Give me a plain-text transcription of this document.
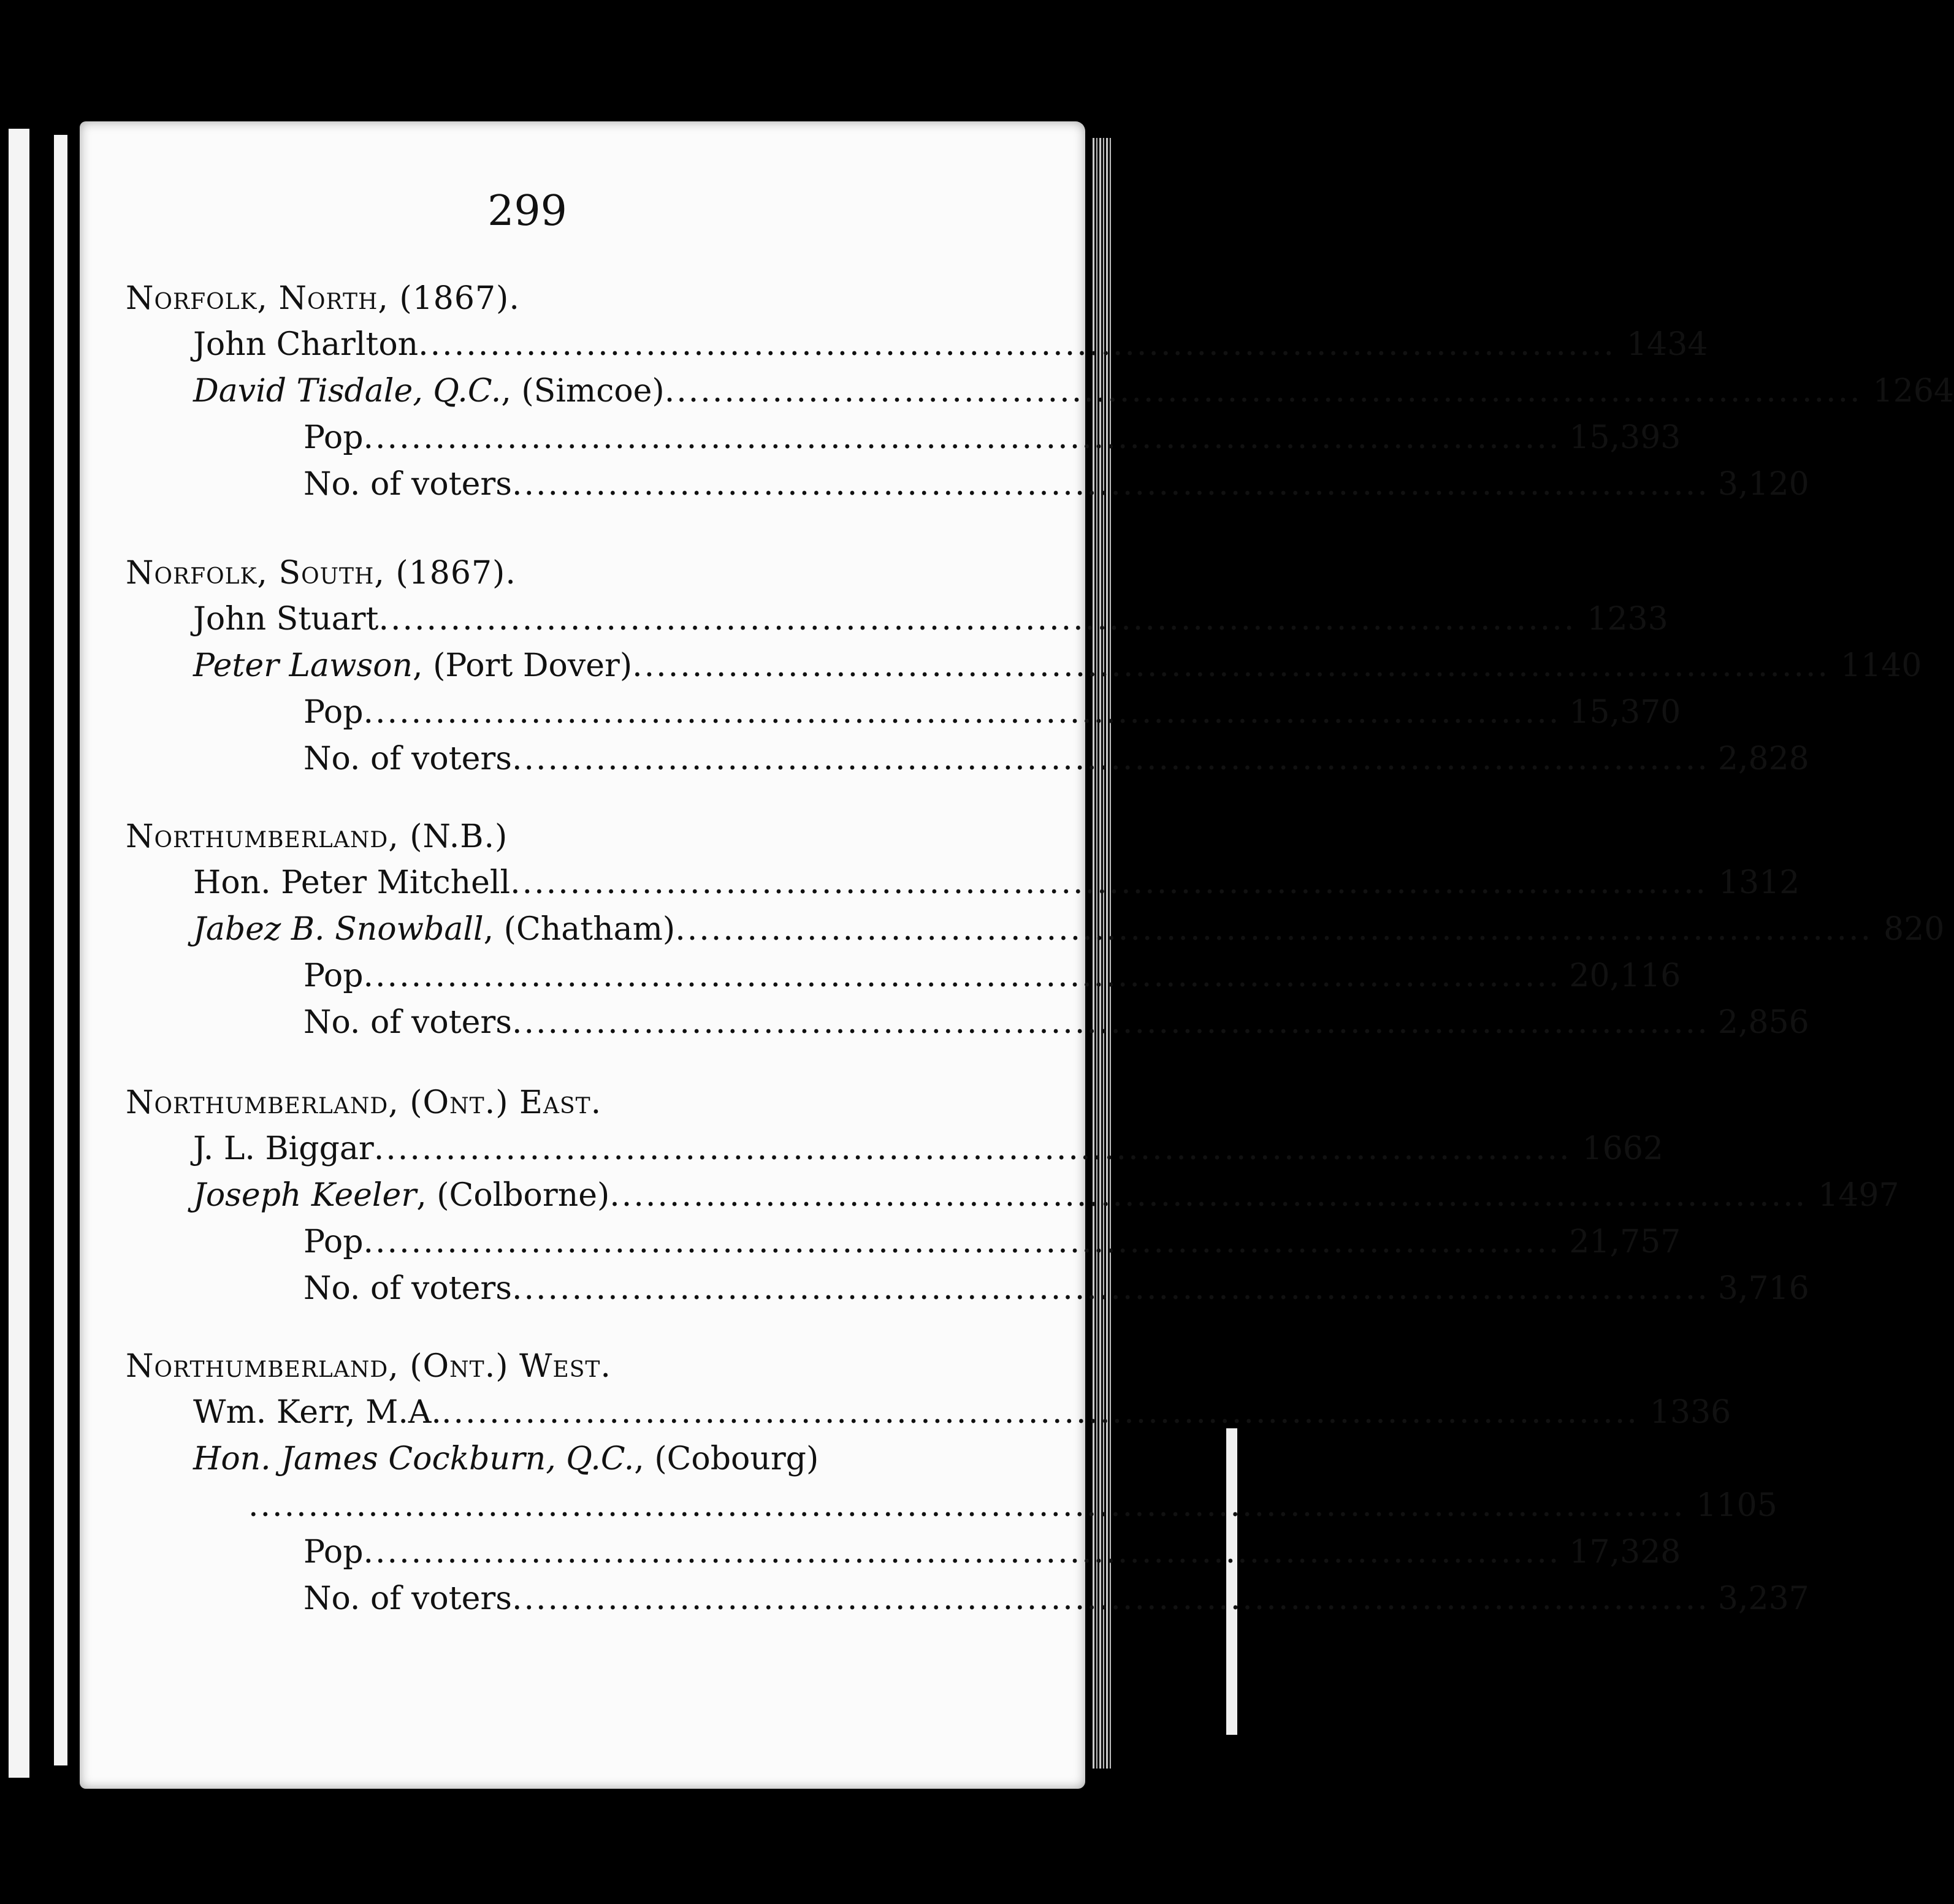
299
Norfolk, North, (1867).
John Charlton .................................................................................................... 1434
David Tisdale, Q.C., (Simcoe) .................................................................................................... 1264
Pop .................................................................................................... 15,393
No. of voters .................................................................................................... 3,120
Norfolk, South, (1867).
John Stuart .................................................................................................... 1233
Peter Lawson, (Port Dover) .................................................................................................... 1140
Pop .................................................................................................... 15,370
No. of voters .................................................................................................... 2,828
Northumberland, (N.B.)
Hon. Peter Mitchell .................................................................................................... 1312
Jabez B. Snowball, (Chatham) .................................................................................................... 820
Pop .................................................................................................... 20,116
No. of voters .................................................................................................... 2,856
Northumberland, (Ont.) East.
J. L. Biggar .................................................................................................... 1662
Joseph Keeler, (Colborne) .................................................................................................... 1497
Pop .................................................................................................... 21,757
No. of voters .................................................................................................... 3,716
Northumberland, (Ont.) West.
Wm. Kerr, M.A. .................................................................................................... 1336
Hon. James Cockburn, Q.C., (Cobourg)
........................................................................................................................ 1105
Pop .................................................................................................... 17,328
No. of voters .................................................................................................... 3,237
